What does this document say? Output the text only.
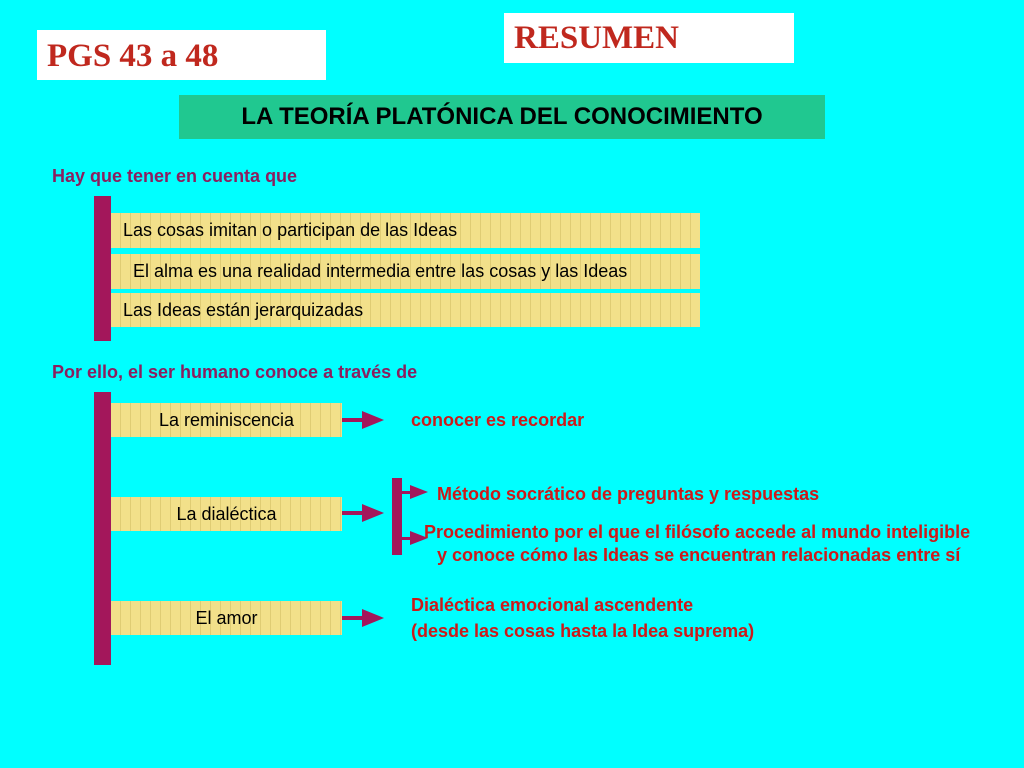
RESUMEN
PGS 43 a 48
LA TEORÍA PLATÓNICA DEL CONOCIMIENTO
Hay que tener en cuenta que
Las cosas imitan o participan de las Ideas
El alma es una realidad intermedia entre las cosas y las Ideas
Las Ideas están jerarquizadas
Por ello, el ser humano conoce a través de
La reminiscencia	conocer es recordar
La dialéctica
Método socrático de preguntas y respuestas
Procedimiento por el que el filósofo accede al mundo inteligible
y conoce cómo las Ideas se encuentran relacionadas entre sí
El amor
Dialéctica emocional ascendente
(desde las cosas hasta la Idea suprema)
